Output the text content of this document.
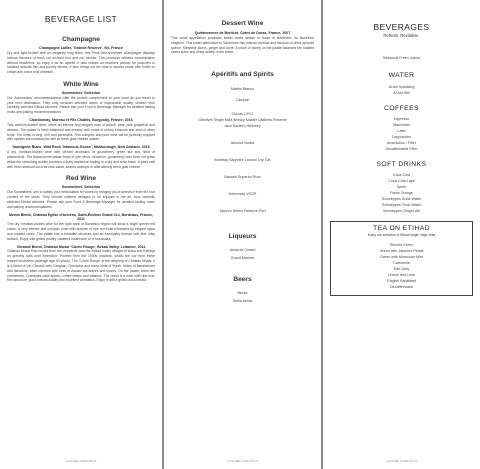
BEVERAGE LIST
Champagne
Champagne Lallier, 'Grande Réserve', NV, France
Dry and light-bodied with an elegantly long finish, this Pinot Noir-dominant champagne displays intense flavours of fresh cut orchard fruit and red berries. This producer delivers concentration without heaviness, so enjoy it as an aperitif. It also makes an excellent partner for poached or sautéed delicate fish and poultry dishes. It also brings out the best in sauces made with butter or cream and cow's milk cheeses.
White Wine
Sommeliers' Selection
Our Sommeliers' recommendations offer the perfect complement to your meal as you travel to your next destination. They only consider selected wines of impeccable quality, chosen from carefully selected Etihad wineries. Please ask your Food & Beverage Manager for detailed tasting notes and pairing recommendations.
Chardonnay, Moreau et Fils Chablis, Burgundy, France, 2016
This medium-bodied wine, offers an intense and elegant nose of peach, pear, pink grapefruit and almond. The palate is fresh balanced and creamy with notes of cherry blossom and zest of citrus fruits. The finish is long, rich and persistent. This complex and pure wine will be perfectly enjoyed with oysters and seafood as well as fresh goat cheese salads.
Sauvignon Blanc, Wild Rock 'Infamous Goose', Marlborough, New Zealand, 2015
A dry, medium-bodied wine with vibrant aromatics of gooseberry green tea and hints of passionfruit. The flavoursome palate burst of ripe citrus, nectarine, gooseberry and fresh cut grass whilst the refreshing acidity provides a lively backbone ending in a dry and crisp finish. It pairs well with fresh seafood such as crab salad, seared scallops or alternatively fresh goat cheese.
Red Wine
Sommeliers' Selection
Our Sommeliers' aim to satisfy your enthusiasm for wines by bringing you a selection from the four corners of the world. They choose cellared vintages to be enjoyed in the air, from carefully selected Etihad wineries. Please ask your Food & Beverage Manager for detailed tasting notes and pairing recommendations.
Merlot Blend, Château Eglise d'Armens, Saint-Émilion Grand Cru, Bordeaux, France, 2011
This dry, medium-bodied wine for the right bank of Bordeaux region will show a bright garnet red colour. A very intense and complex nose with aromas of ripe red fruits enhanced by elegant spice and roasted notes. The palate has a beautiful structure and an exemplary finesse with fine, silky tannins. Enjoy with grilled poultry, sautéed mushroom or a moussaka.
Cinsault Blend, Château Musar 'Cuvée Rouge', Bekaa Valley, Lebanon, 2011
Château Musar Red comes from the vineyards near the Bekaa Valley villages of Aana and Kefraya on gravelly soils over limestone. Planted from the 1930s onwards, yields are low from these mature bushvines (average age 40 years). The 'Cuvée Rouge' is the offspring of Château Musar, it is a blend of Vin Cinsault with Carignan, Grenache and some hints of Syrah. Notes of blackberries and damsons, bitter cherries with hints of Assam tea leaves and cloves. On the palate, there are cranberries, Christmas cake spices, coffee beans and tobacco. The result is a wine with ripe fruit, firm structure, good natural acidity and excellent aromatics. Enjoy it with a grilled duck breast.
LH 01-REF 4-1000-2077-6
Dessert Wine
Quintessence de Berticot, Côtes de Duras, France, 2007
This small appellation produces sweet wines similar to those of Bordeaux, its illustrious neighbor. This smart alternative to Sauternes has intense aromas and flavours of dried apricots quince, Mirabelle plums, ginger and clove. A touch of honey on the palate balances the toasted sweet spice and zesty acidity of the finish.
Apéritifs and Spirits
Martini Bianco
Campari
Chivas 12YO
Glenlivet Single Malt Whisky Master Distillers Reserve
Jack Daniel's Whiskey
Absolut Vodka
Bombay Sapphire London Dry Gin
Bacardi Superior Rum
Hennessy VSOP
Taylor's Select Reserve Port
Liqueurs
Amarula Cream
Grand Marnier
Beers
Becks
Stella Artois
LH 01-REF 4-1000-2077-6
BEVERAGES
Refresh. Revitalise.
Seasonal Fresh Juices
WATER
Al Ain Sparkling
Al Ain Still
COFFEES
Espresso
Macchiato
Latte
Cappuccino
Americano / Filter
Decaffeinated Filter
SOFT DRINKS
Coca-Cola
Coca-Cola Light
Sprite
Fanta Orange
Schweppes Soda Water
Schweppes Tonic Water
Schweppes Ginger Ale
TEA ON ETIHAD
Enjoy our selection of Etihad single origin teas
Sencha Green
Green with Jasmine Petals
Green with Moroccan Mint
Camomile
Earl Grey
Lemon and Lime
English Breakfast
Decaffeinated
LH 01-REF 4-1000-2077-6
